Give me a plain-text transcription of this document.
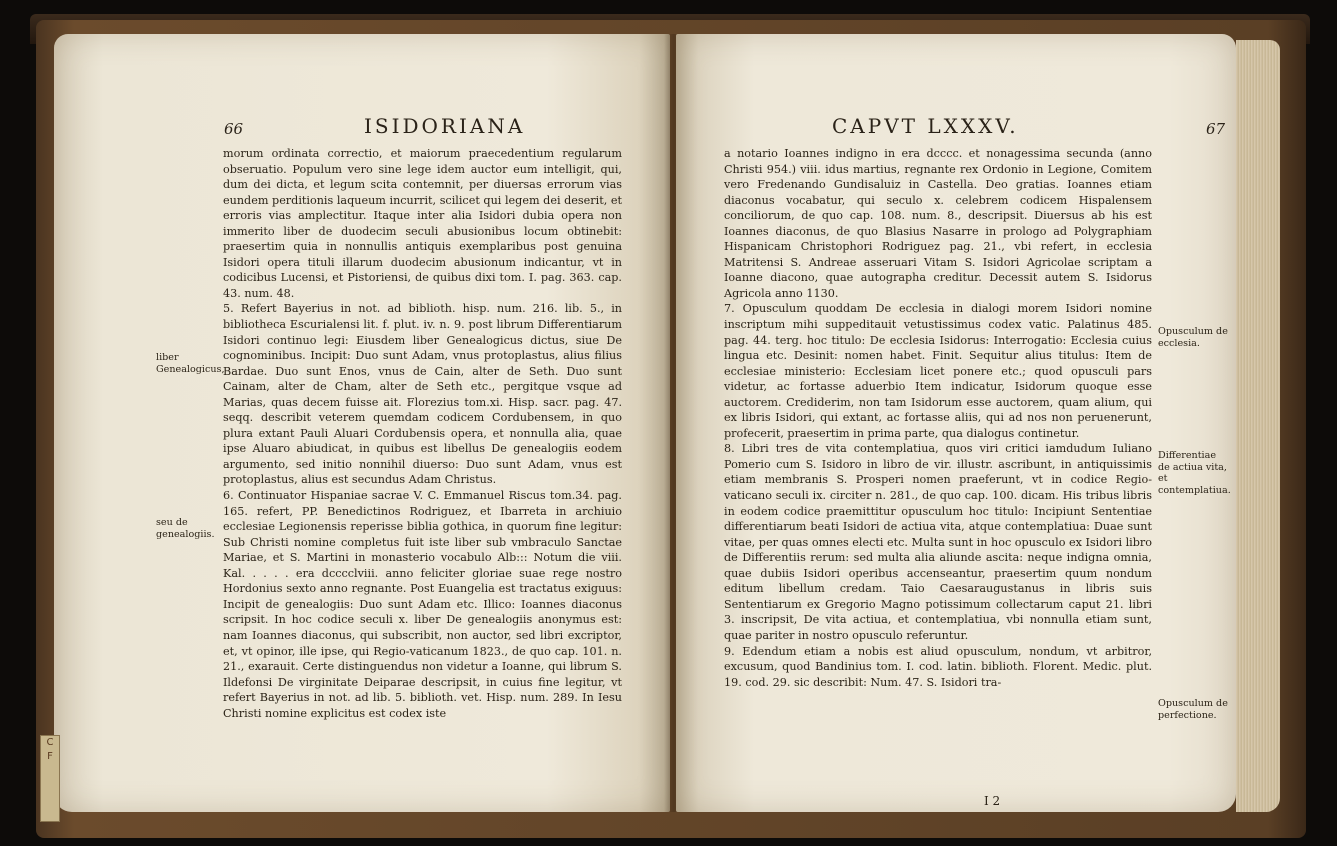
66	ISIDORIANA

morum ordinata correctio, et maiorum praecedentium regularum obseruatio. Populum vero sine lege idem auctor eum intelligit, qui, dum dei dicta, et legum scita contemnit, per diuersas errorum vias eundem perditionis laqueum incurrit, scilicet qui legem dei deserit, et erroris vias amplectitur. Itaque inter alia Isidori dubia opera non immerito liber de duodecim seculi abusionibus locum obtinebit: praesertim quia in nonnullis antiquis exemplaribus post genuina Isidori opera tituli illarum duodecim abusionum indicantur, vt in codicibus Lucensi, et Pistoriensi, de quibus dixi tom. I. pag. 363. cap. 43. num. 48.

5. Refert Bayerius in not. ad biblioth. hisp. num. 216. lib. 5., in bibliotheca Escurialensi lit. f. plut. iv. n. 9. post librum Differentiarum Isidori continuo legi: Eiusdem liber Genealogicus dictus, siue De cognominibus. Incipit: Duo sunt Adam, vnus protoplastus, alius filius Bardae. Duo sunt Enos, vnus de Cain, alter de Seth. Duo sunt Cainam, alter de Cham, alter de Seth etc., pergitque vsque ad Marias, quas decem fuisse ait. Florezius tom.xi. Hisp. sacr. pag. 47. seqq. describit veterem quemdam codicem Cordubensem, in quo plura extant Pauli Aluari Cordubensis opera, et nonnulla alia, quae ipse Aluaro abiudicat, in quibus est libellus De genealogiis eodem argumento, sed initio nonnihil diuerso: Duo sunt Adam, vnus est protoplastus, alius est secundus Adam Christus.

6. Continuator Hispaniae sacrae V. C. Emmanuel Riscus tom.34. pag. 165. refert, PP. Benedictinos Rodriguez, et Ibarreta in archiuio ecclesiae Legionensis reperisse biblia gothica, in quorum fine legitur: Sub Christi nomine completus fuit iste liber sub vmbraculo Sanctae Mariae, et S. Martini in monasterio vocabulo Alb::: Notum die viii. Kal. . . . . era dcccclviii. anno feliciter gloriae suae rege nostro Hordonius sexto anno regnante. Post Euangelia est tractatus exiguus: Incipit de genealogiis: Duo sunt Adam etc. Illico: Ioannes diaconus scripsit. In hoc codice seculi x. liber De genealogiis anonymus est: nam Ioannes diaconus, qui subscribit, non auctor, sed libri excriptor, et, vt opinor, ille ipse, qui Regio-vaticanum 1823., de quo cap. 101. n. 21., exarauit. Certe distinguendus non videtur a Ioanne, qui librum S. Ildefonsi De virginitate Deiparae descripsit, in cuius fine legitur, vt refert Bayerius in not. ad lib. 5. biblioth. vet. Hisp. num. 289. In Iesu Christi nomine explicitus est codex iste

liber Genealogicus,
seu de genealogiis.
CAPVT LXXXV.	67

a notario Ioannes indigno in era dcccc. et nonagessima secunda (anno Christi 954.) viii. idus martius, regnante rex Ordonio in Legione, Comitem vero Fredenando Gundisaluiz in Castella. Deo gratias. Ioannes etiam diaconus vocabatur, qui seculo x. celebrem codicem Hispalensem conciliorum, de quo cap. 108. num. 8., descripsit. Diuersus ab his est Ioannes diaconus, de quo Blasius Nasarre in prologo ad Polygraphiam Hispanicam Christophori Rodriguez pag. 21., vbi refert, in ecclesia Matritensi S. Andreae asseruari Vitam S. Isidori Agricolae scriptam a Ioanne diacono, quae autographa creditur. Decessit autem S. Isidorus Agricola anno 1130.

7. Opusculum quoddam De ecclesia in dialogi morem Isidori nomine inscriptum mihi suppeditauit vetustissimus codex vatic. Palatinus 485. pag. 44. terg. hoc titulo: De ecclesia Isidorus: Interrogatio: Ecclesia cuius lingua etc. Desinit: nomen habet. Finit. Sequitur alius titulus: Item de ecclesiae ministerio: Ecclesiam licet ponere etc.; quod opusculi pars videtur, ac fortasse aduerbio Item indicatur, Isidorum quoque esse auctorem. Crediderim, non tam Isidorum esse auctorem, quam alium, qui ex libris Isidori, qui extant, ac fortasse aliis, qui ad nos non peruenerunt, profecerit, praesertim in prima parte, qua dialogus continetur.

8. Libri tres de vita contemplatiua, quos viri critici iamdudum Iuliano Pomerio cum S. Isidoro in libro de vir. illustr. ascribunt, in antiquissimis etiam membranis S. Prosperi nomen praeferunt, vt in codice Regio-vaticano seculi ix. circiter n. 281., de quo cap. 100. dicam. His tribus libris in eodem codice praemittitur opusculum hoc titulo: Incipiunt Sententiae differentiarum beati Isidori de actiua vita, atque contemplatiua: Duae sunt vitae, per quas omnes electi etc. Multa sunt in hoc opusculo ex Isidori libro de Differentiis rerum: sed multa alia aliunde ascita: neque indigna omnia, quae dubiis Isidori operibus accenseantur, praesertim quum nondum editum libellum credam. Taio Caesaraugustanus in libris suis Sententiarum ex Gregorio Magno potissimum collectarum caput 21. libri 3. inscripsit, De vita actiua, et contemplatiua, vbi nonnulla etiam sunt, quae pariter in nostro opusculo referuntur.

9. Edendum etiam a nobis est aliud opusculum, nondum, vt arbitror, excusum, quod Bandinius tom. I. cod. latin. biblioth. Florent. Medic. plut. 19. cod. 29. sic describit: Num. 47. S. Isidori tra-

I 2
Opusculum de ecclesia.
Differentiae de actiua vita, et contemplatiua.
Opusculum de perfectione.
C
F
